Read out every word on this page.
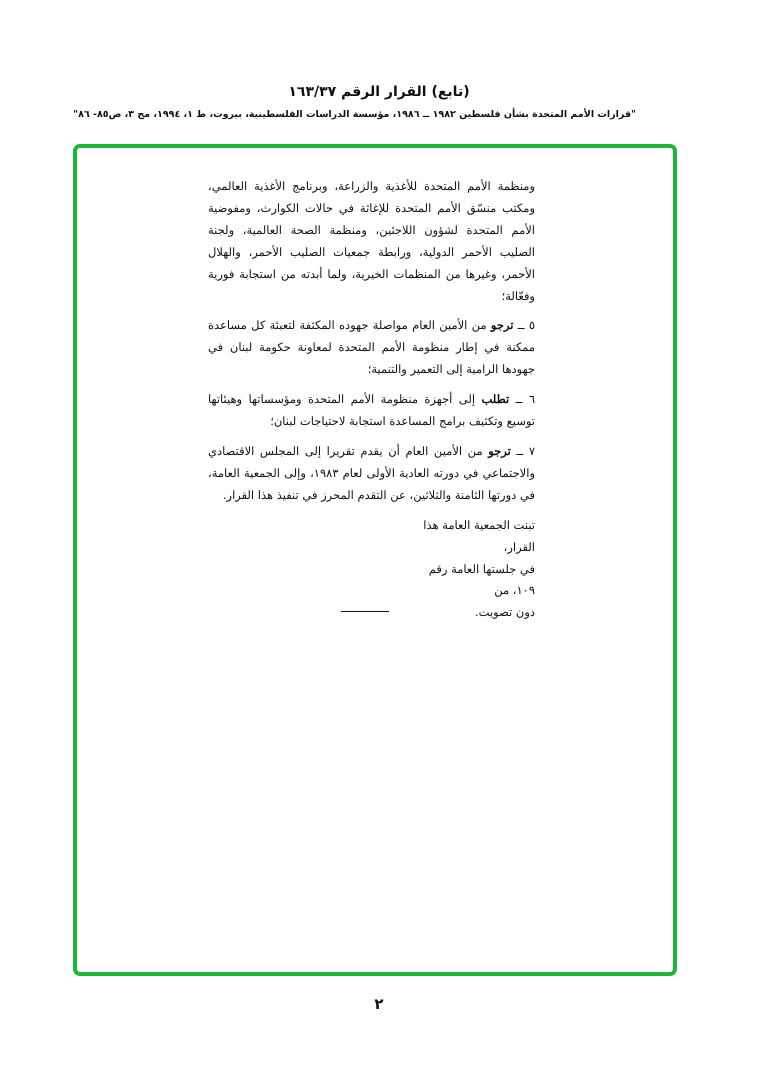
(تابع) القرار الرقم ١٦٣/٣٧
"قرارات الأمم المتحدة بشأن فلسطين ١٩٨٢ ــ ١٩٨٦، مؤسسة الدراسات الفلسطينية، بيروت، ط ١، ١٩٩٤، مج ٣، ص٨٥- ٨٦"

ومنظمة الأمم المتحدة للأغذية والزراعة، وبرنامج الأغذية العالمي، ومكتب منسّق الأمم المتحدة للإغاثة في حالات الكوارث، ومفوضية الأمم المتحدة لشؤون اللاجئين، ومنظمة الصحة العالمية، ولجنة الصليب الأحمر الدولية، ورابطة جمعيات الصليب الأحمر، والهلال الأحمر، وغيرها من المنظمات الخيرية، ولما أبدته من استجابة فورية وفعّالة؛

٥ ــ ترجو من الأمين العام مواصلة جهوده المكثفة لتعبئة كل مساعدة ممكنة في إطار منظومة الأمم المتحدة لمعاونة حكومة لبنان في جهودها الرامية إلى التعمير والتنمية؛

٦ ــ تطلب إلى أجهزة منظومة الأمم المتحدة ومؤسساتها وهيئاتها توسيع وتكثيف برامج المساعدة استجابة لاحتياجات لبنان؛

٧ ــ ترجو من الأمين العام أن يقدم تقريرا إلى المجلس الاقتصادي والاجتماعي في دورته العادية الأولى لعام ١٩٨٣، وإلى الجمعية العامة، في دورتها الثامنة والثلاثين، عن التقدم المحرز في تنفيذ هذا القرار.

تبنت الجمعية العامة هذا القرار،

في جلستها العامة رقم ١٠٩، من

دون تصويت.

٢
